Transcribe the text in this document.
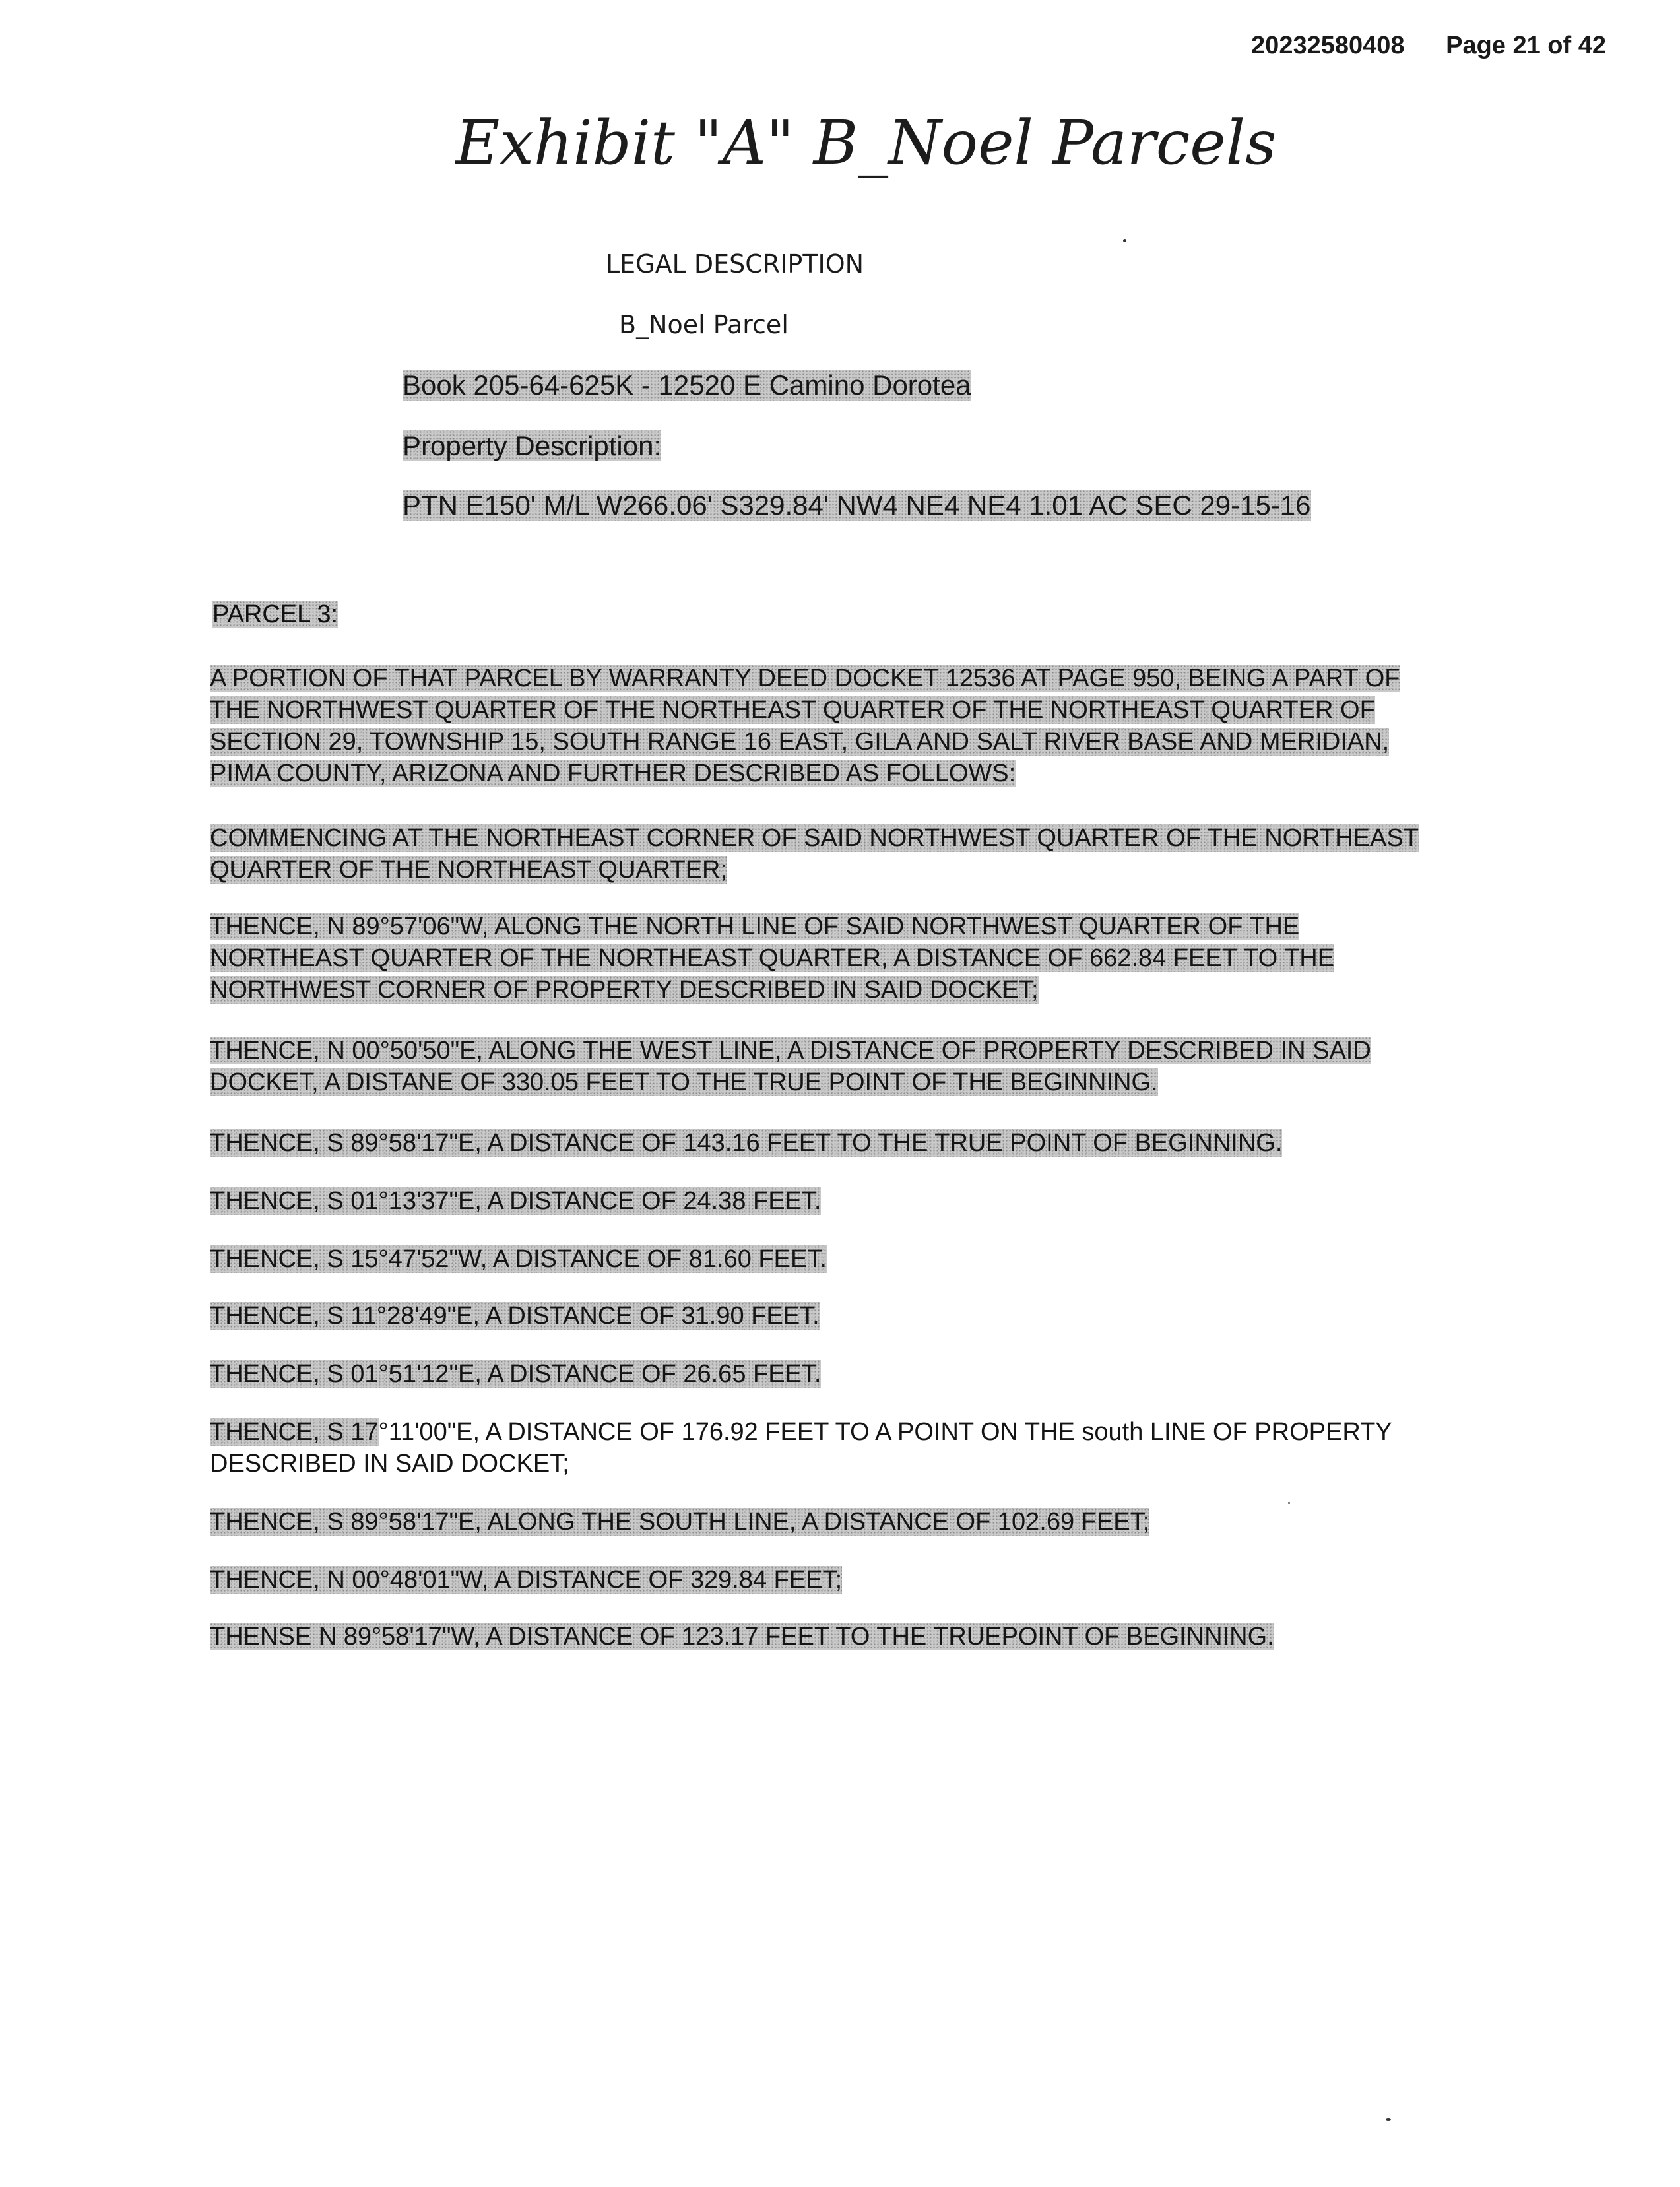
20232580408 Page 21 of 42
Exhibit "A" B_Noel Parcels
LEGAL DESCRIPTION
B_Noel Parcel
Book 205-64-625K - 12520 E Camino Dorotea
Property Description:
PTN E150' M/L W266.06' S329.84' NW4 NE4 NE4 1.01 AC SEC 29-15-16
PARCEL 3:
A PORTION OF THAT PARCEL BY WARRANTY DEED DOCKET 12536 AT PAGE 950, BEING A PART OF THE NORTHWEST QUARTER OF THE NORTHEAST QUARTER OF THE NORTHEAST QUARTER OF SECTION 29, TOWNSHIP 15, SOUTH RANGE 16 EAST, GILA AND SALT RIVER BASE AND MERIDIAN, PIMA COUNTY, ARIZONA AND FURTHER DESCRIBED AS FOLLOWS:
COMMENCING AT THE NORTHEAST CORNER OF SAID NORTHWEST QUARTER OF THE NORTHEAST QUARTER OF THE NORTHEAST QUARTER;
THENCE, N 89°57'06"W, ALONG THE NORTH LINE OF SAID NORTHWEST QUARTER OF THE NORTHEAST QUARTER OF THE NORTHEAST QUARTER, A DISTANCE OF 662.84 FEET TO THE NORTHWEST CORNER OF PROPERTY DESCRIBED IN SAID DOCKET;
THENCE, N 00°50'50"E, ALONG THE WEST LINE, A DISTANCE OF PROPERTY DESCRIBED IN SAID DOCKET, A DISTANE OF 330.05 FEET TO THE TRUE POINT OF THE BEGINNING.
THENCE, S 89°58'17"E, A DISTANCE OF 143.16 FEET TO THE TRUE POINT OF BEGINNING.
THENCE, S 01°13'37"E, A DISTANCE OF 24.38 FEET.
THENCE, S 15°47'52"W, A DISTANCE OF 81.60 FEET.
THENCE, S 11°28'49"E, A DISTANCE OF 31.90 FEET.
THENCE, S 01°51'12"E, A DISTANCE OF 26.65 FEET.
THENCE, S 17°11'00"E, A DISTANCE OF 176.92 FEET TO A POINT ON THE south LINE OF PROPERTY DESCRIBED IN SAID DOCKET;
THENCE, S 89°58'17"E, ALONG THE SOUTH LINE, A DISTANCE OF 102.69 FEET;
THENCE, N 00°48'01"W, A DISTANCE OF 329.84 FEET;
THENSE N 89°58'17"W, A DISTANCE OF 123.17 FEET TO THE TRUEPOINT OF BEGINNING.
